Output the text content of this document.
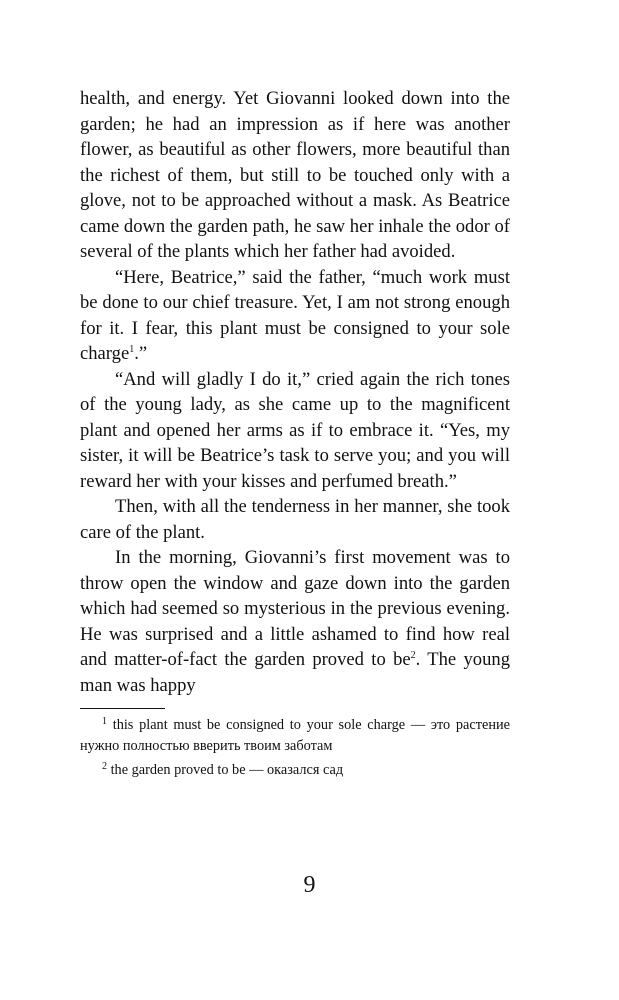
health, and energy. Yet Giovanni looked down into the garden; he had an impression as if here was another flower, as beautiful as other flowers, more beautiful than the richest of them, but still to be touched only with a glove, not to be approached without a mask. As Beatrice came down the garden path, he saw her inhale the odor of several of the plants which her father had avoided.

“Here, Beatrice,” said the father, “much work must be done to our chief treasure. Yet, I am not strong enough for it. I fear, this plant must be consigned to your sole charge$^1$.”

“And will gladly I do it,” cried again the rich tones of the young lady, as she came up to the magnificent plant and opened her arms as if to embrace it. “Yes, my sister, it will be Beatrice’s task to serve you; and you will reward her with your kisses and perfumed breath.”

Then, with all the tenderness in her manner, she took care of the plant.

In the morning, Giovanni’s first movement was to throw open the window and gaze down into the garden which had seemed so mysterious in the previous evening. He was surprised and a little ashamed to find how real and matter-of-fact the garden proved to $be^2$. The young man was happy

$^1$ this plant must be consigned to your sole charge — это растение нужно полностью вверить твоим заботам

$^2$ the garden proved to be — оказался сад

9
